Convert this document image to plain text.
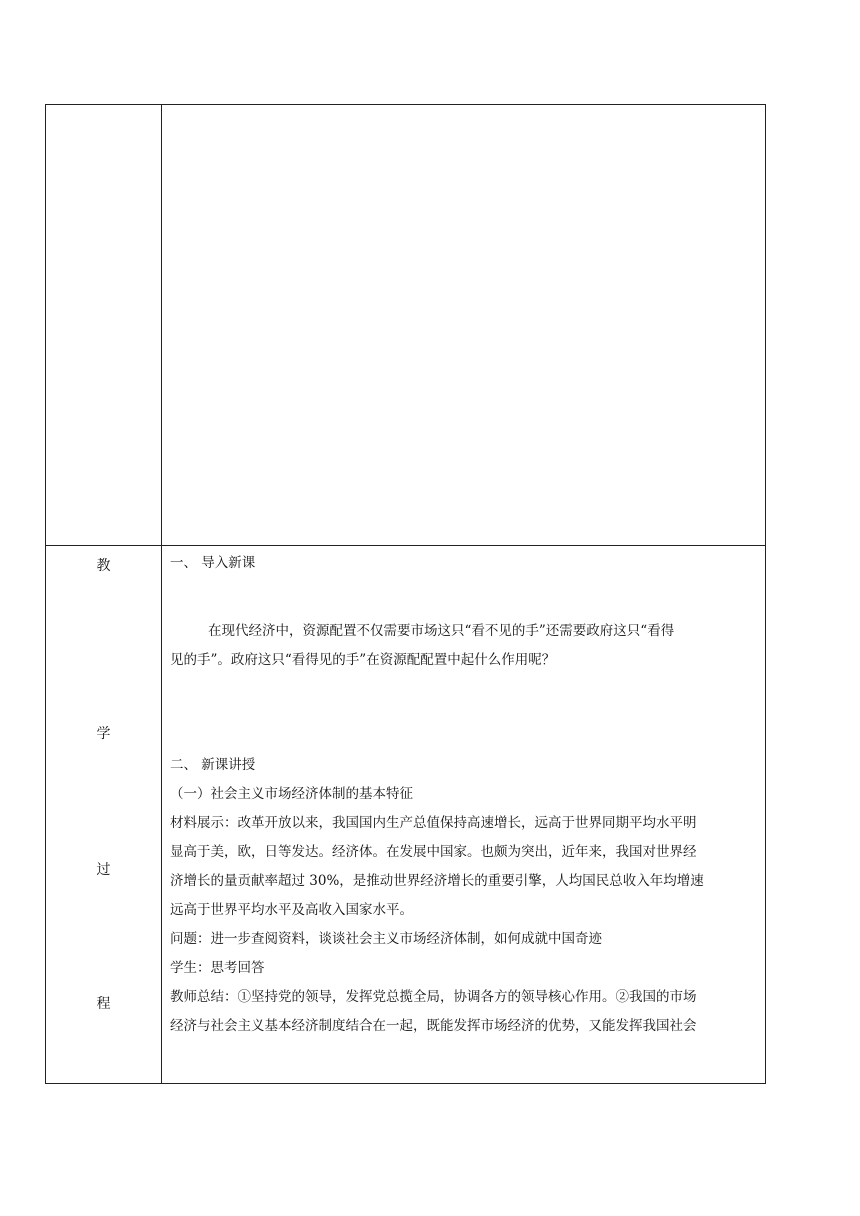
教
学
过
程

一、 导入新课

在现代经济中，资源配置不仅需要市场这只“看不见的手”还需要政府这只“看得

见的手”。政府这只“看得见的手”在资源配配置中起什么作用呢？

二、 新课讲授

（一）社会主义市场经济体制的基本特征

材料展示：改革开放以来，我国国内生产总值保持高速增长，远高于世界同期平均水平明

显高于美，欧，日等发达。经济体。在发展中国家。也颇为突出，近年来，我国对世界经

济增长的量贡献率超过 30%，是推动世界经济增长的重要引擎，人均国民总收入年均增速

远高于世界平均水平及高收入国家水平。

问题：进一步查阅资料，谈谈社会主义市场经济体制，如何成就中国奇迹

学生：思考回答

教师总结：①坚持党的领导，发挥党总揽全局，协调各方的领导核心作用。②我国的市场

经济与社会主义基本经济制度结合在一起，既能发挥市场经济的优势，又能发挥我国社会
